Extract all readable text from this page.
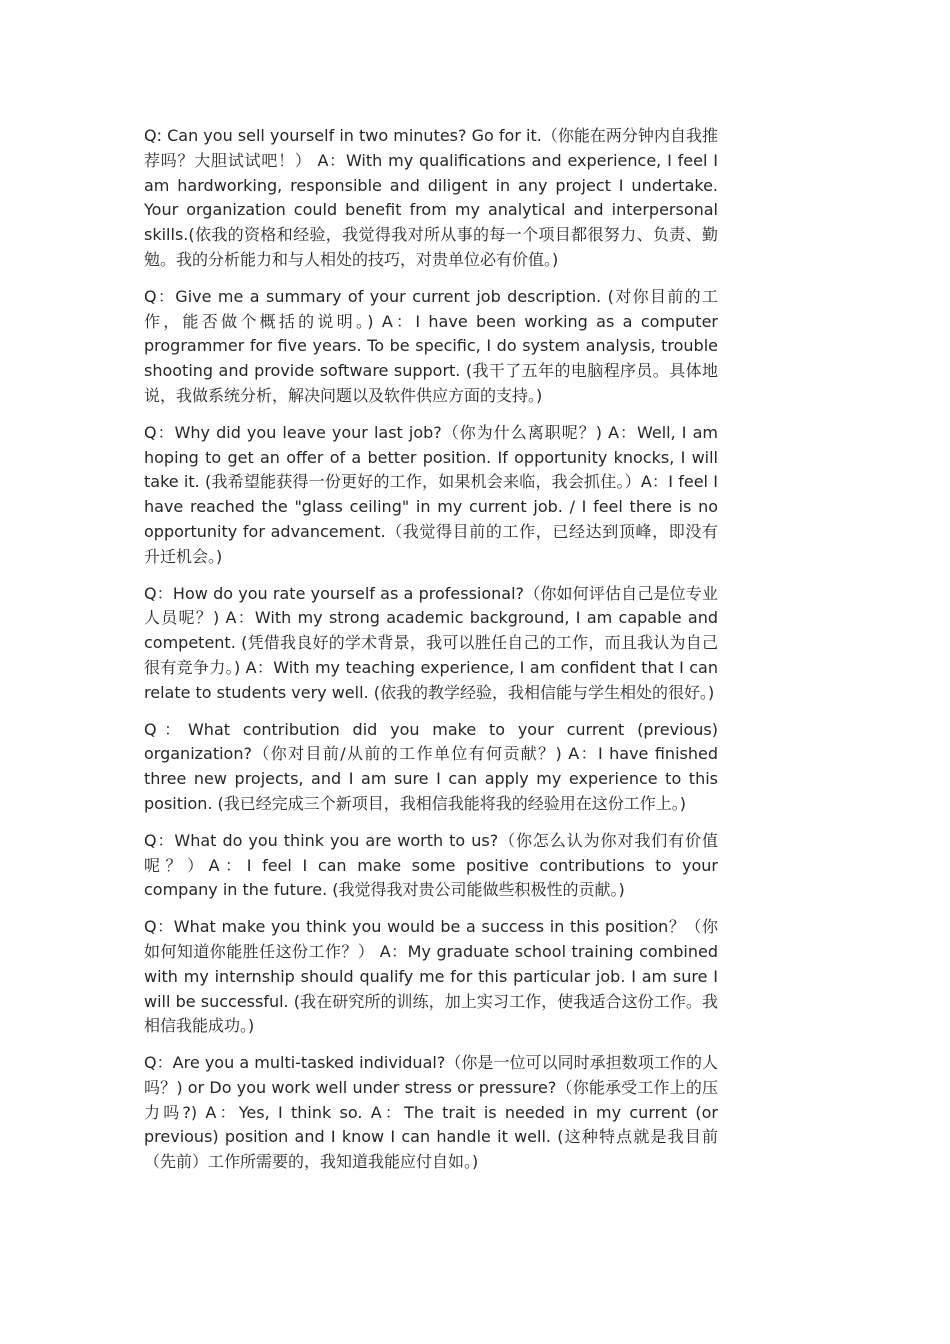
Q: Can you sell yourself in two minutes? Go for it.（你能在两分钟内自我推荐吗？大胆试试吧！） A：With my qualifications and experience, I feel I am hardworking, responsible and diligent in any project I undertake. Your organization could benefit from my analytical and interpersonal skills.(依我的资格和经验，我觉得我对所从事的每一个项目都很努力、负责、勤勉。我的分析能力和与人相处的技巧，对贵单位必有价值。)

Q：Give me a summary of your current job description. (对你目前的工作，能否做个概括的说明。) A：I have been working as a computer programmer for five years. To be specific, I do system analysis, trouble shooting and provide software support. (我干了五年的电脑程序员。具体地说，我做系统分析，解决问题以及软件供应方面的支持。)

Q：Why did you leave your last job?（你为什么离职呢？) A：Well, I am hoping to get an offer of a better position. If opportunity knocks, I will take it. (我希望能获得一份更好的工作，如果机会来临，我会抓住。）A：I feel I have reached the "glass ceiling" in my current job. / I feel there is no opportunity for advancement.（我觉得目前的工作，已经达到顶峰，即没有升迁机会。)

Q：How do you rate yourself as a professional?（你如何评估自己是位专业人员呢？) A：With my strong academic background, I am capable and competent. (凭借我良好的学术背景，我可以胜任自己的工作，而且我认为自己很有竞争力。) A：With my teaching experience, I am confident that I can relate to students very well. (依我的教学经验，我相信能与学生相处的很好。)

Q：What contribution did you make to your current (previous) organization?（你对目前/从前的工作单位有何贡献？) A：I have finished three new projects, and I am sure I can apply my experience to this position. (我已经完成三个新项目，我相信我能将我的经验用在这份工作上。)

Q：What do you think you are worth to us?（你怎么认为你对我们有价值呢？）A：I feel I can make some positive contributions to your company in the future. (我觉得我对贵公司能做些积极性的贡献。)

Q：What make you think you would be a success in this position？（你如何知道你能胜任这份工作？） A：My graduate school training combined with my internship should qualify me for this particular job. I am sure I will be successful. (我在研究所的训练，加上实习工作，使我适合这份工作。我相信我能成功。)

Q：Are you a multi-tasked individual?（你是一位可以同时承担数项工作的人吗？) or Do you work well under stress or pressure?（你能承受工作上的压力吗?) A：Yes, I think so. A：The trait is needed in my current (or previous) position and I know I can handle it well. (这种特点就是我目前（先前）工作所需要的，我知道我能应付自如。)
